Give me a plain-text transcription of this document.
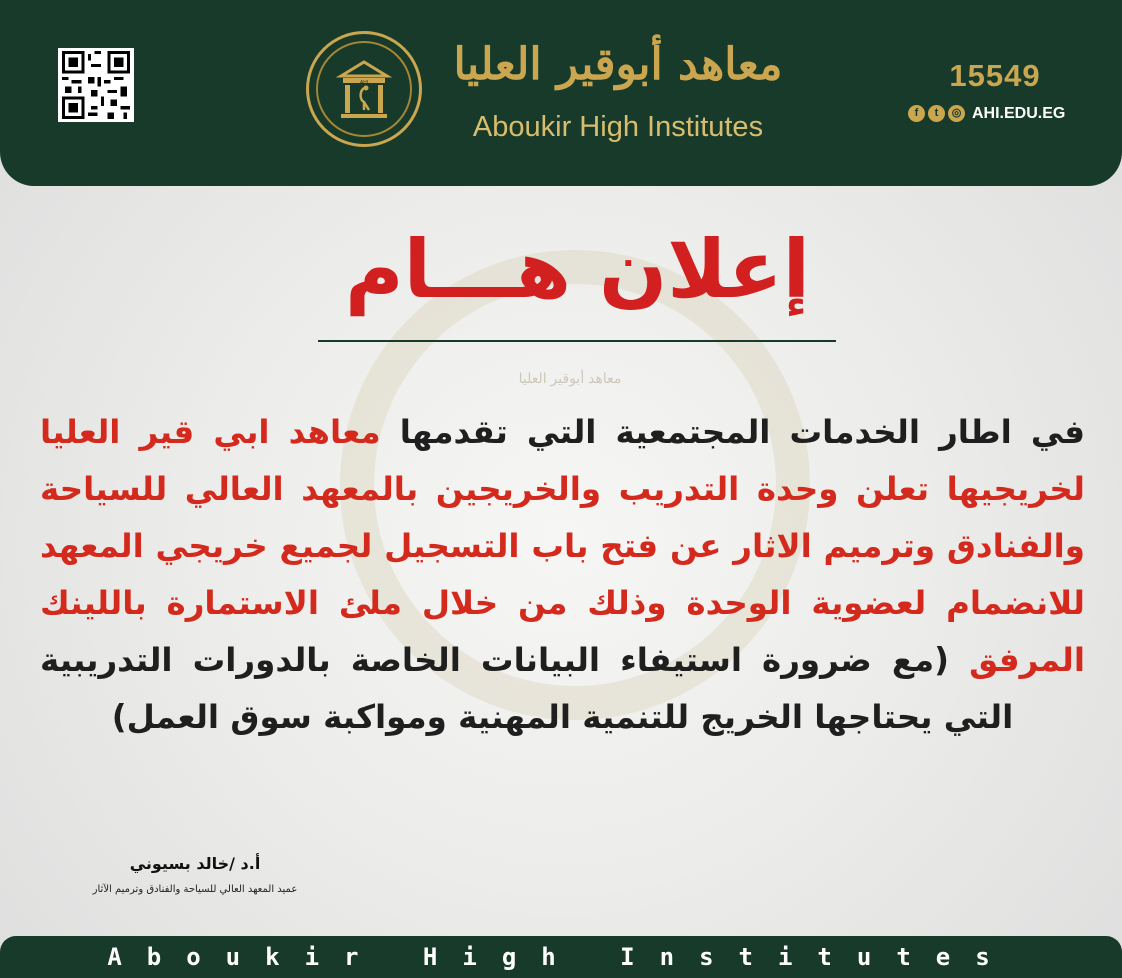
معاهد أبوقير العليا
AHI	معاهد أبوقير العليا
Aboukir High Institutes
15549
f	t	◎ AHI.EDU.EG
إعلان هـــام
في اطار الخدمات المجتمعية التي تقدمها معاهد ابي قير العليا لخريجيها تعلن وحدة التدريب والخريجين بالمعهد العالي للسياحة والفنادق وترميم الاثار عن فتح باب التسجيل لجميع خريجي المعهد للانضمام لعضوية الوحدة وذلك من خلال ملئ الاستمارة باللينك المرفق (مع ضرورة استيفاء البيانات الخاصة بالدورات التدريبية التي يحتاجها الخريج للتنمية المهنية ومواكبة سوق العمل)
أ.د /خالد بسيوني
عميد المعهد العالي للسياحة والفنادق وترميم الآثار
Aboukir High Institutes
